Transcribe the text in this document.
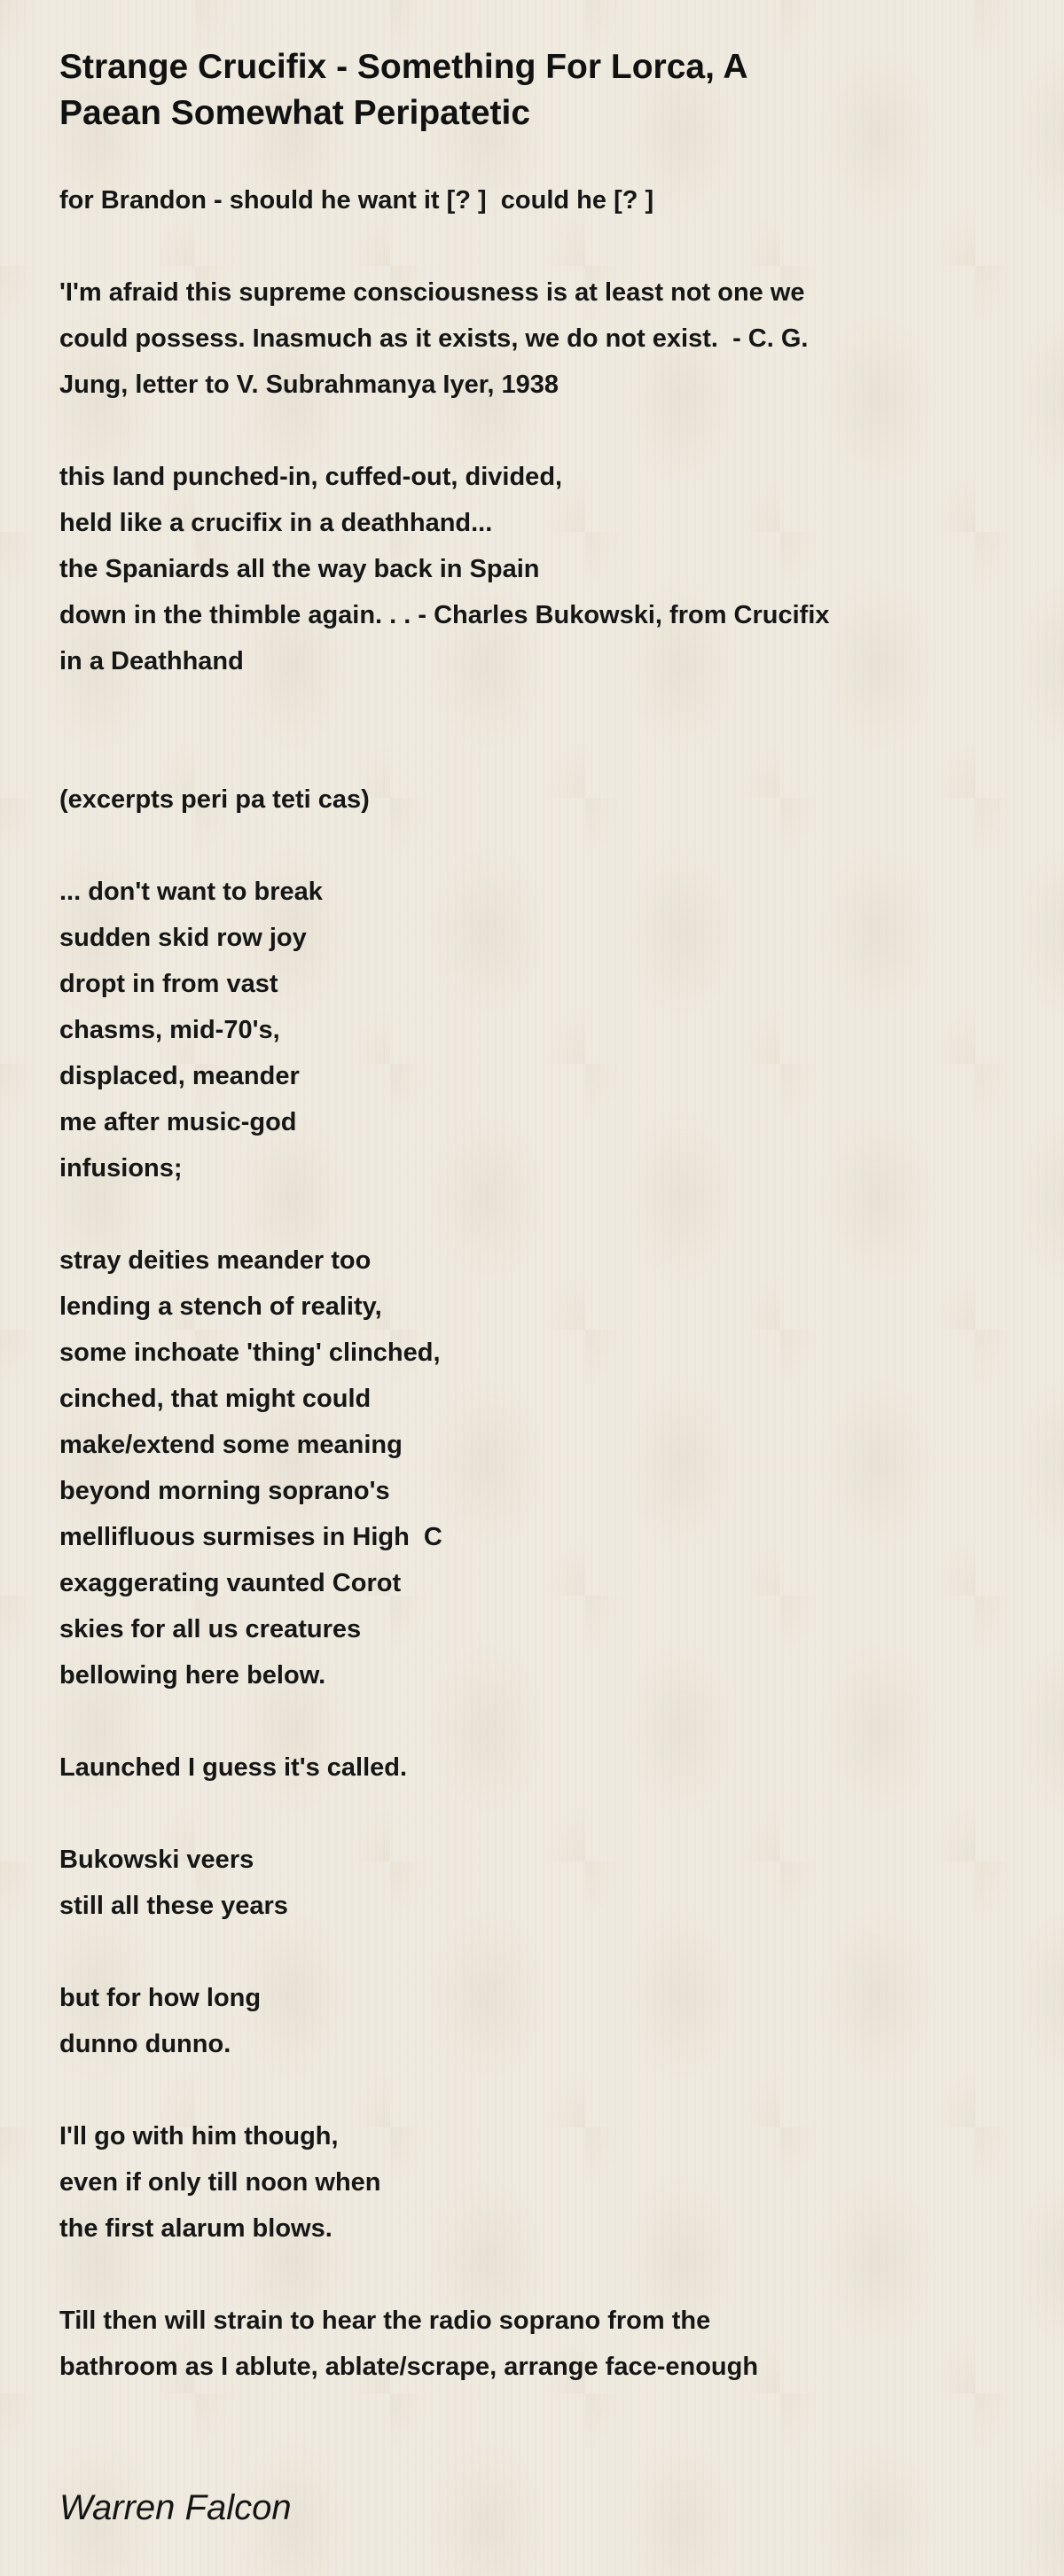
Strange Crucifix - Something For Lorca, A
Paean Somewhat Peripatetic
for Brandon - should he want it [? ]  could he [? ]
'I'm afraid this supreme consciousness is at least not one we
could possess. Inasmuch as it exists, we do not exist.  - C. G.
Jung, letter to V. Subrahmanya Iyer, 1938
this land punched-in, cuffed-out, divided,
held like a crucifix in a deathhand...
the Spaniards all the way back in Spain
down in the thimble again. . . - Charles Bukowski, from Crucifix
in a Deathhand
(excerpts peri pa teti cas)
... don't want to break
sudden skid row joy
dropt in from vast
chasms, mid-70's,
displaced, meander
me after music-god
infusions;
stray deities meander too
lending a stench of reality,
some inchoate 'thing' clinched,
cinched, that might could
make/extend some meaning
beyond morning soprano's
mellifluous surmises in High  C
exaggerating vaunted Corot
skies for all us creatures
bellowing here below.
Launched I guess it's called.
Bukowski veers
still all these years
but for how long
dunno dunno.
I'll go with him though,
even if only till noon when
the first alarum blows.
Till then will strain to hear the radio soprano from the
bathroom as I ablute, ablate/scrape, arrange face-enough
Warren Falcon
